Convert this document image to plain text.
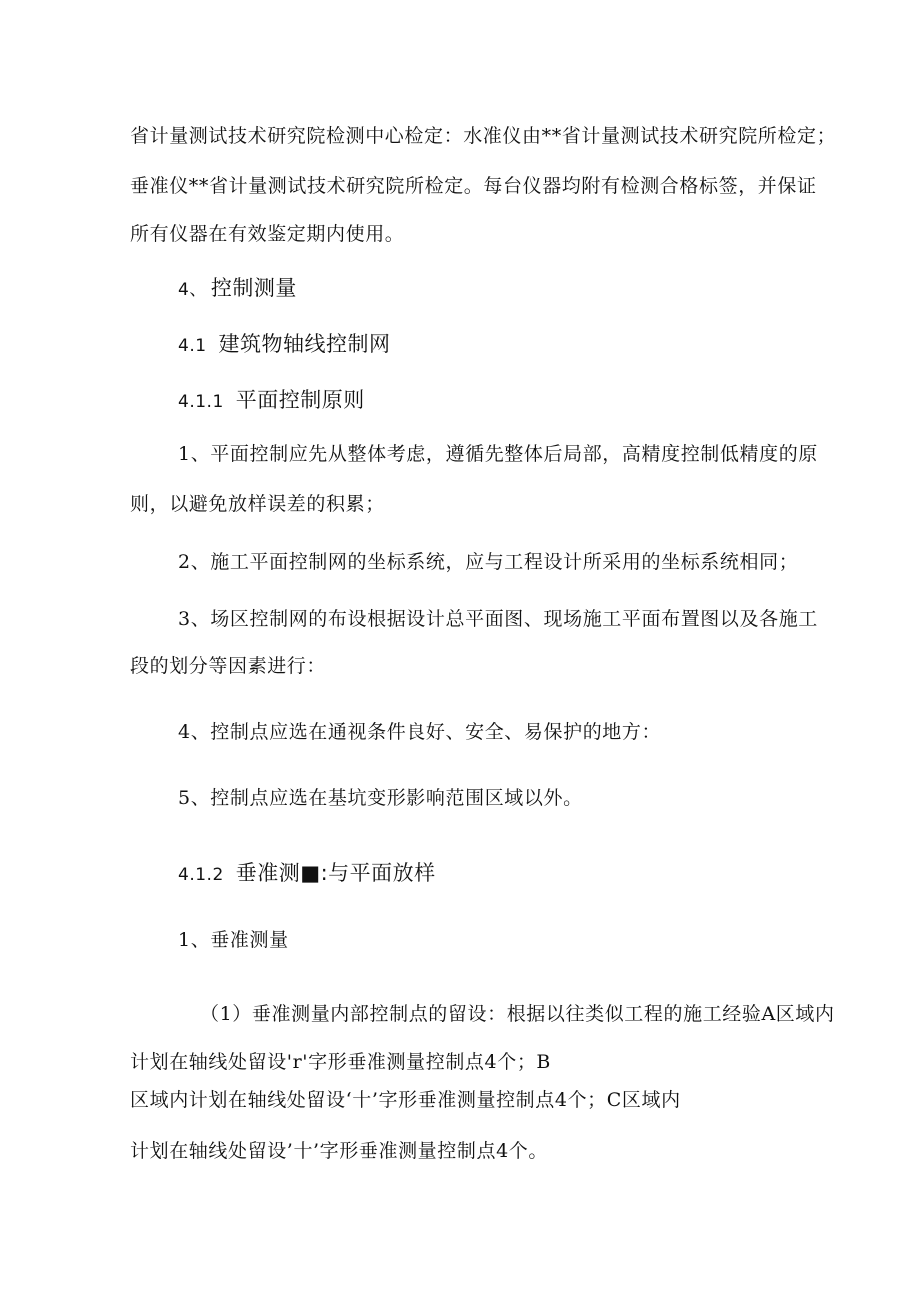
省计量测试技术研究院检测中心检定：水准仪由**省计量测试技术研究院所检定；
垂准仪**省计量测试技术研究院所检定。每台仪器均附有检测合格标签，并保证
所有仪器在有效鉴定期内使用。
4、 控制测量
4.1 建筑物轴线控制网
4.1.1 平面控制原则
1、平面控制应先从整体考虑，遵循先整体后局部，高精度控制低精度的原
则，以避免放样误差的积累；
2、施工平面控制网的坐标系统，应与工程设计所采用的坐标系统相同；
3、场区控制网的布设根据设计总平面图、现场施工平面布置图以及各施工
段的划分等因素进行：
4、控制点应选在通视条件良好、安全、易保护的地方：
5、控制点应选在基坑变形影响范围区域以外。
4.1.2 垂准测■:与平面放样
1、垂准测量
（1）垂准测量内部控制点的留设：根据以往类似工程的施工经验A区域内
计划在轴线处留设'r'字形垂准测量控制点4个；B
区域内计划在轴线处留设‘十’字形垂准测量控制点4个；C区域内
计划在轴线处留设’十’字形垂准测量控制点4个。
